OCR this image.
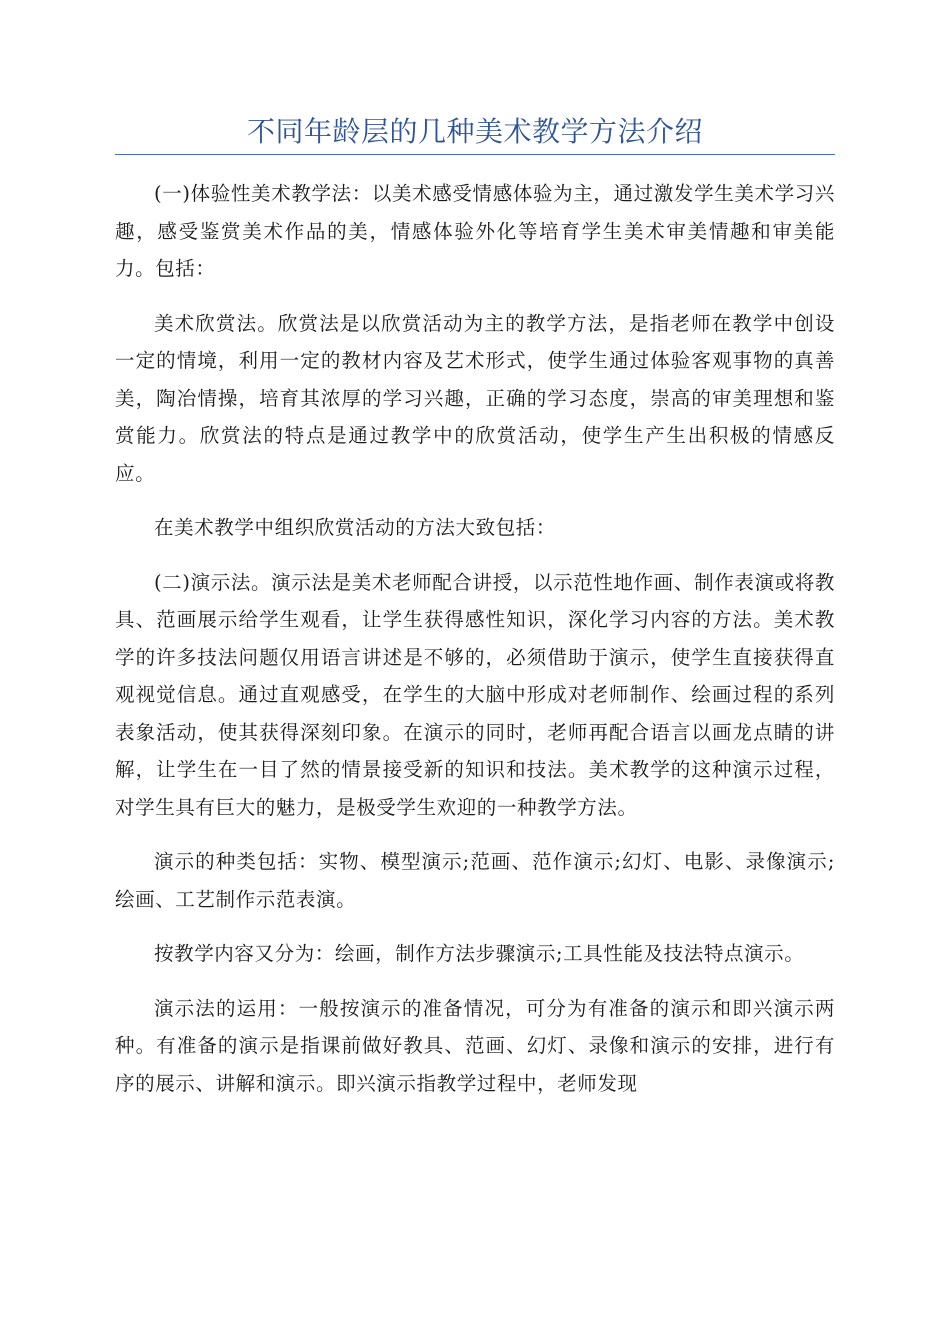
不同年龄层的几种美术教学方法介绍

(一)体验性美术教学法：以美术感受情感体验为主，通过激发学生美术学习兴趣，感受鉴赏美术作品的美，情感体验外化等培育学生美术审美情趣和审美能力。包括：

美术欣赏法。欣赏法是以欣赏活动为主的教学方法，是指老师在教学中创设一定的情境，利用一定的教材内容及艺术形式，使学生通过体验客观事物的真善美，陶冶情操，培育其浓厚的学习兴趣，正确的学习态度，崇高的审美理想和鉴赏能力。欣赏法的特点是通过教学中的欣赏活动，使学生产生出积极的情感反应。

在美术教学中组织欣赏活动的方法大致包括：

(二)演示法。演示法是美术老师配合讲授，以示范性地作画、制作表演或将教具、范画展示给学生观看，让学生获得感性知识，深化学习内容的方法。美术教学的许多技法问题仅用语言讲述是不够的，必须借助于演示，使学生直接获得直观视觉信息。通过直观感受，在学生的大脑中形成对老师制作、绘画过程的系列表象活动，使其获得深刻印象。在演示的同时，老师再配合语言以画龙点睛的讲解，让学生在一目了然的情景接受新的知识和技法。美术教学的这种演示过程，对学生具有巨大的魅力，是极受学生欢迎的一种教学方法。

演示的种类包括：实物、模型演示;范画、范作演示;幻灯、电影、录像演示;绘画、工艺制作示范表演。

按教学内容又分为：绘画，制作方法步骤演示;工具性能及技法特点演示。

演示法的运用：一般按演示的准备情况，可分为有准备的演示和即兴演示两种。有准备的演示是指课前做好教具、范画、幻灯、录像和演示的安排，进行有序的展示、讲解和演示。即兴演示指教学过程中，老师发现
